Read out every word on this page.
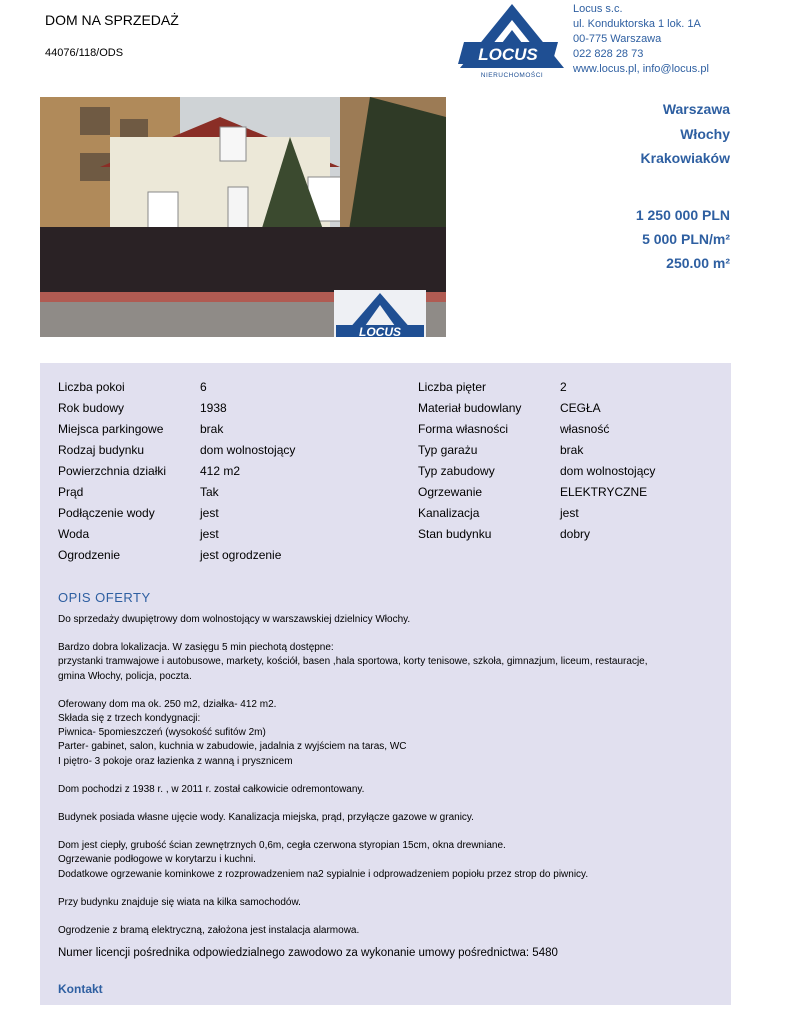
DOM NA SPRZEDAŻ
44076/118/ODS	LOCUS
NIERUCHOMOŚCI
Locus s.c.
ul. Konduktorska 1 lok. 1A
00-775 Warszawa
022 828 28 73
www.locus.pl, info@locus.pl
LOCUS
Warszawa
Włochy
Krakowiaków
1 250 000 PLN
5 000 PLN/m²
250.00 m²
Liczba pokoi	6
Rok budowy	1938
Miejsca parkingowe	brak
Rodzaj budynku	dom wolnostojący
Powierzchnia działki	412 m2
Prąd	Tak
Podłączenie wody	jest
Woda	jest
Ogrodzenie	jest ogrodzenie
Liczba pięter	2
Materiał budowlany	CEGŁA
Forma własności	własność
Typ garażu	brak
Typ zabudowy	dom wolnostojący
Ogrzewanie	ELEKTRYCZNE
Kanalizacja	jest
Stan budynku	dobry
OPIS OFERTY

Do sprzedaży dwupiętrowy dom wolnostojący w warszawskiej dzielnicy Włochy.

Bardzo dobra lokalizacja. W zasięgu 5 min piechotą dostępne:
przystanki tramwajowe i autobusowe, markety, kościół, basen ,hala sportowa, korty tenisowe, szkoła, gimnazjum, liceum, restauracje,
gmina Włochy, policja, poczta.

Oferowany dom ma ok. 250 m2, działka- 412 m2.
Składa się z trzech kondygnacji:
Piwnica- 5pomieszczeń (wysokość sufitów 2m)
Parter- gabinet, salon, kuchnia w zabudowie, jadalnia z wyjściem na taras, WC
I piętro- 3 pokoje oraz łazienka z wanną i prysznicem

Dom pochodzi z 1938 r. , w 2011 r. został całkowicie odremontowany.

Budynek posiada własne ujęcie wody. Kanalizacja miejska, prąd, przyłącze gazowe w granicy.

Dom jest ciepły, grubość ścian zewnętrznych 0,6m, cegła czerwona styropian 15cm, okna drewniane.
Ogrzewanie podłogowe w korytarzu i kuchni.
Dodatkowe ogrzewanie kominkowe z rozprowadzeniem na2 sypialnie i odprowadzeniem popiołu przez strop do piwnicy.

Przy budynku znajduje się wiata na kilka samochodów.

Ogrodzenie z bramą elektryczną, założona jest instalacja alarmowa.

Numer licencji pośrednika odpowiedzialnego zawodowo za wykonanie umowy pośrednictwa: 5480
Kontakt
